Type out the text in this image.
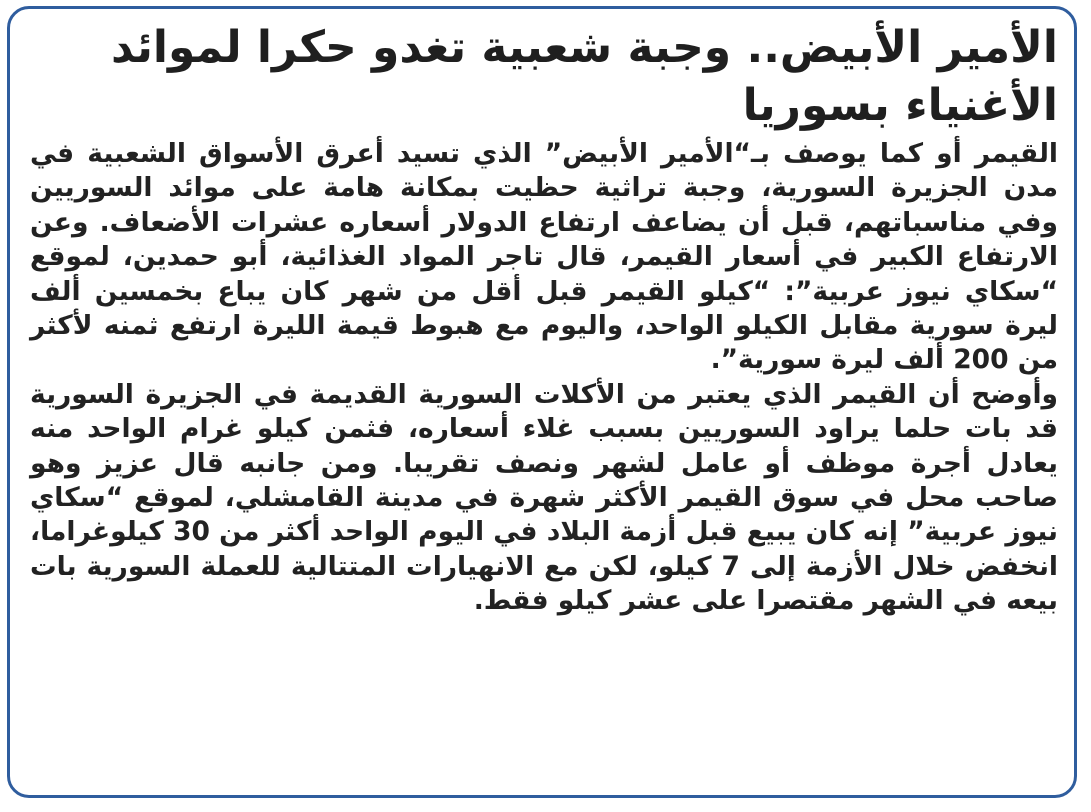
الأمير الأبيض.. وجبة شعبية تغدو حكرا لموائد الأغنياء بسوريا

القيمر أو كما يوصف بـ“الأمير الأبيض” الذي تسيد أعرق الأسواق الشعبية في مدن الجزيرة السورية، وجبة تراثية حظيت بمكانة هامة على موائد السوريين وفي مناسباتهم، قبل أن يضاعف ارتفاع الدولار أسعاره عشرات الأضعاف. وعن الارتفاع الكبير في أسعار القيمر، قال تاجر المواد الغذائية، أبو حمدين، لموقع “سكاي نيوز عربية”: “كيلو القيمر قبل أقل من شهر كان يباع بخمسين ألف ليرة سورية مقابل الكيلو الواحد، واليوم مع هبوط قيمة الليرة ارتفع ثمنه لأكثر من 200 ألف ليرة سورية”.

وأوضح أن القيمر الذي يعتبر من الأكلات السورية القديمة في الجزيرة السورية قد بات حلما يراود السوريين بسبب غلاء أسعاره، فثمن كيلو غرام الواحد منه يعادل أجرة موظف أو عامل لشهر ونصف تقريبا. ومن جانبه قال عزيز وهو صاحب محل في سوق القيمر الأكثر شهرة في مدينة القامشلي، لموقع “سكاي نيوز عربية” إنه كان يبيع قبل أزمة البلاد في اليوم الواحد أكثر من 30 كيلوغراما، انخفض خلال الأزمة إلى 7 كيلو، لكن مع الانهيارات المتتالية للعملة السورية بات بيعه في الشهر مقتصرا على عشر كيلو فقط.
